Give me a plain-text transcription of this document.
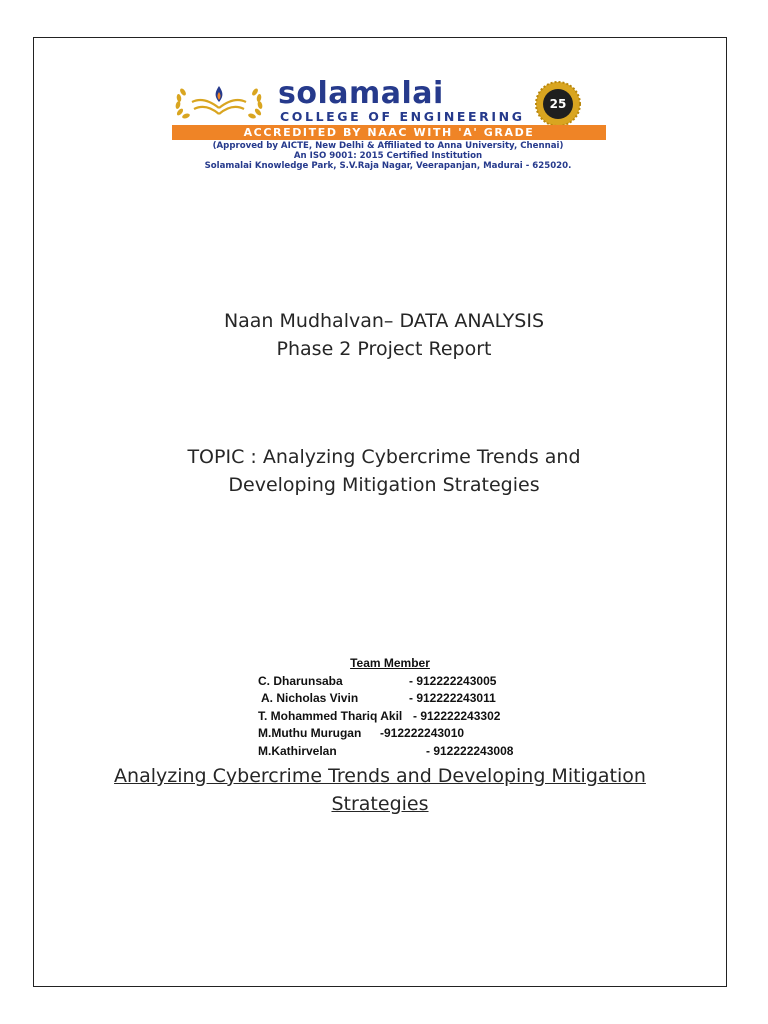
solamalai
COLLEGE OF ENGINEERING
25
ACCREDITED BY NAAC WITH 'A' GRADE
(Approved by AICTE, New Delhi & Affiliated to Anna University, Chennai)
An ISO 9001: 2015 Certified Institution
Solamalai Knowledge Park, S.V.Raja Nagar, Veerapanjan, Madurai - 625020.
Naan Mudhalvan– DATA ANALYSIS
Phase 2 Project Report
TOPIC : Analyzing Cybercrime Trends and
Developing Mitigation Strategies
Team Member
C. Dharunsaba	- 912222243005
A. Nicholas Vivin	- 912222243011
T. Mohammed Thariq Akil - 912222243302
M.Muthu Murugan -912222243010
M.Kathirvelan	- 912222243008
Analyzing Cybercrime Trends and Developing Mitigation
Strategies
